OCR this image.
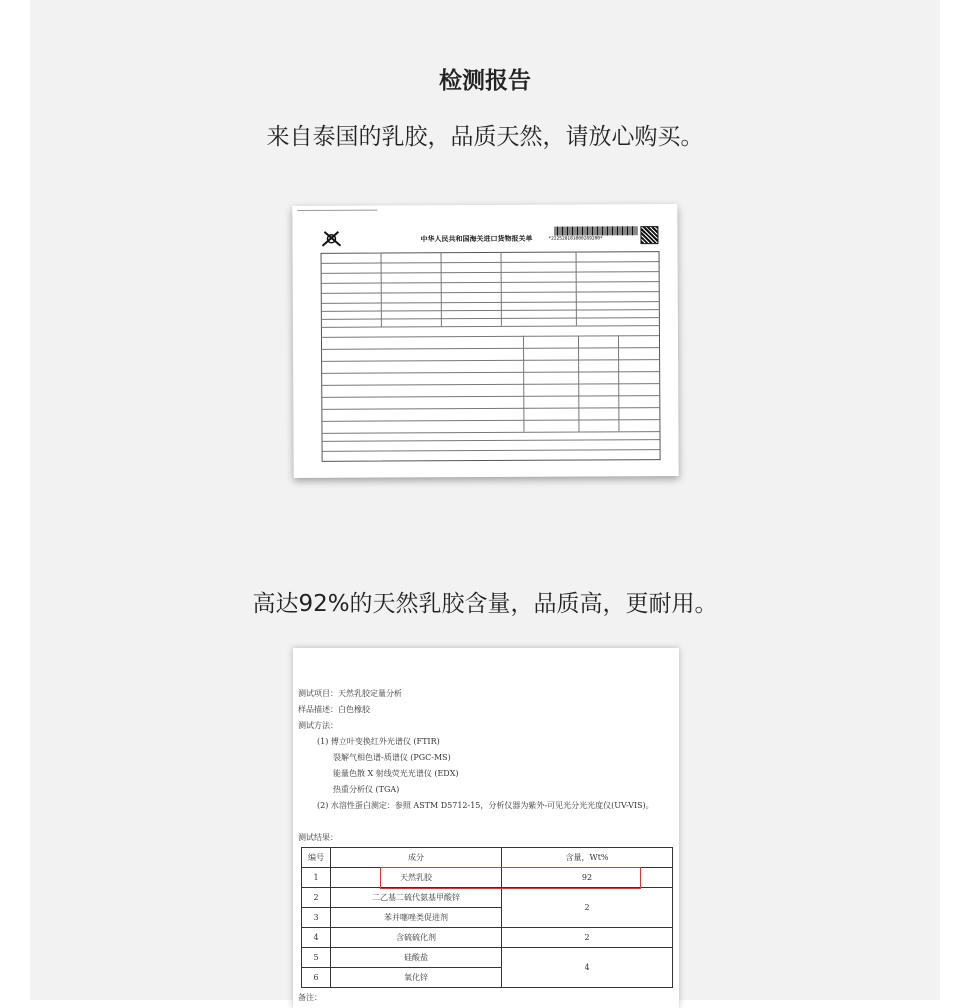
检测报告
来自泰国的乳胶，品质天然，请放心购买。
中华人民共和国海关进口货物报关单	*222520181000289280*
高达92%的天然乳胶含量，品质高，更耐用。
测试项目：天然乳胶定量分析
样品描述：白色橡胶
测试方法：
(1) 傅立叶变换红外光谱仪 (FTIR)
裂解气相色谱-质谱仪 (PGC-MS)
能量色散 X 射线荧光光谱仪 (EDX)
热重分析仪 (TGA)
(2) 水溶性蛋白测定：参照 ASTM D5712-15，分析仪器为紫外-可见光分光光度仪(UV-VIS)。
测试结果：
编号	成分	含量，Wt%
1	天然乳胶	92
2	二乙基二硫代氨基甲酸锌	2
3	苯并噻唑类促进剂	
4	含硫硫化剂	2
5	硅酸盐	4
6	氧化锌	
备注：
